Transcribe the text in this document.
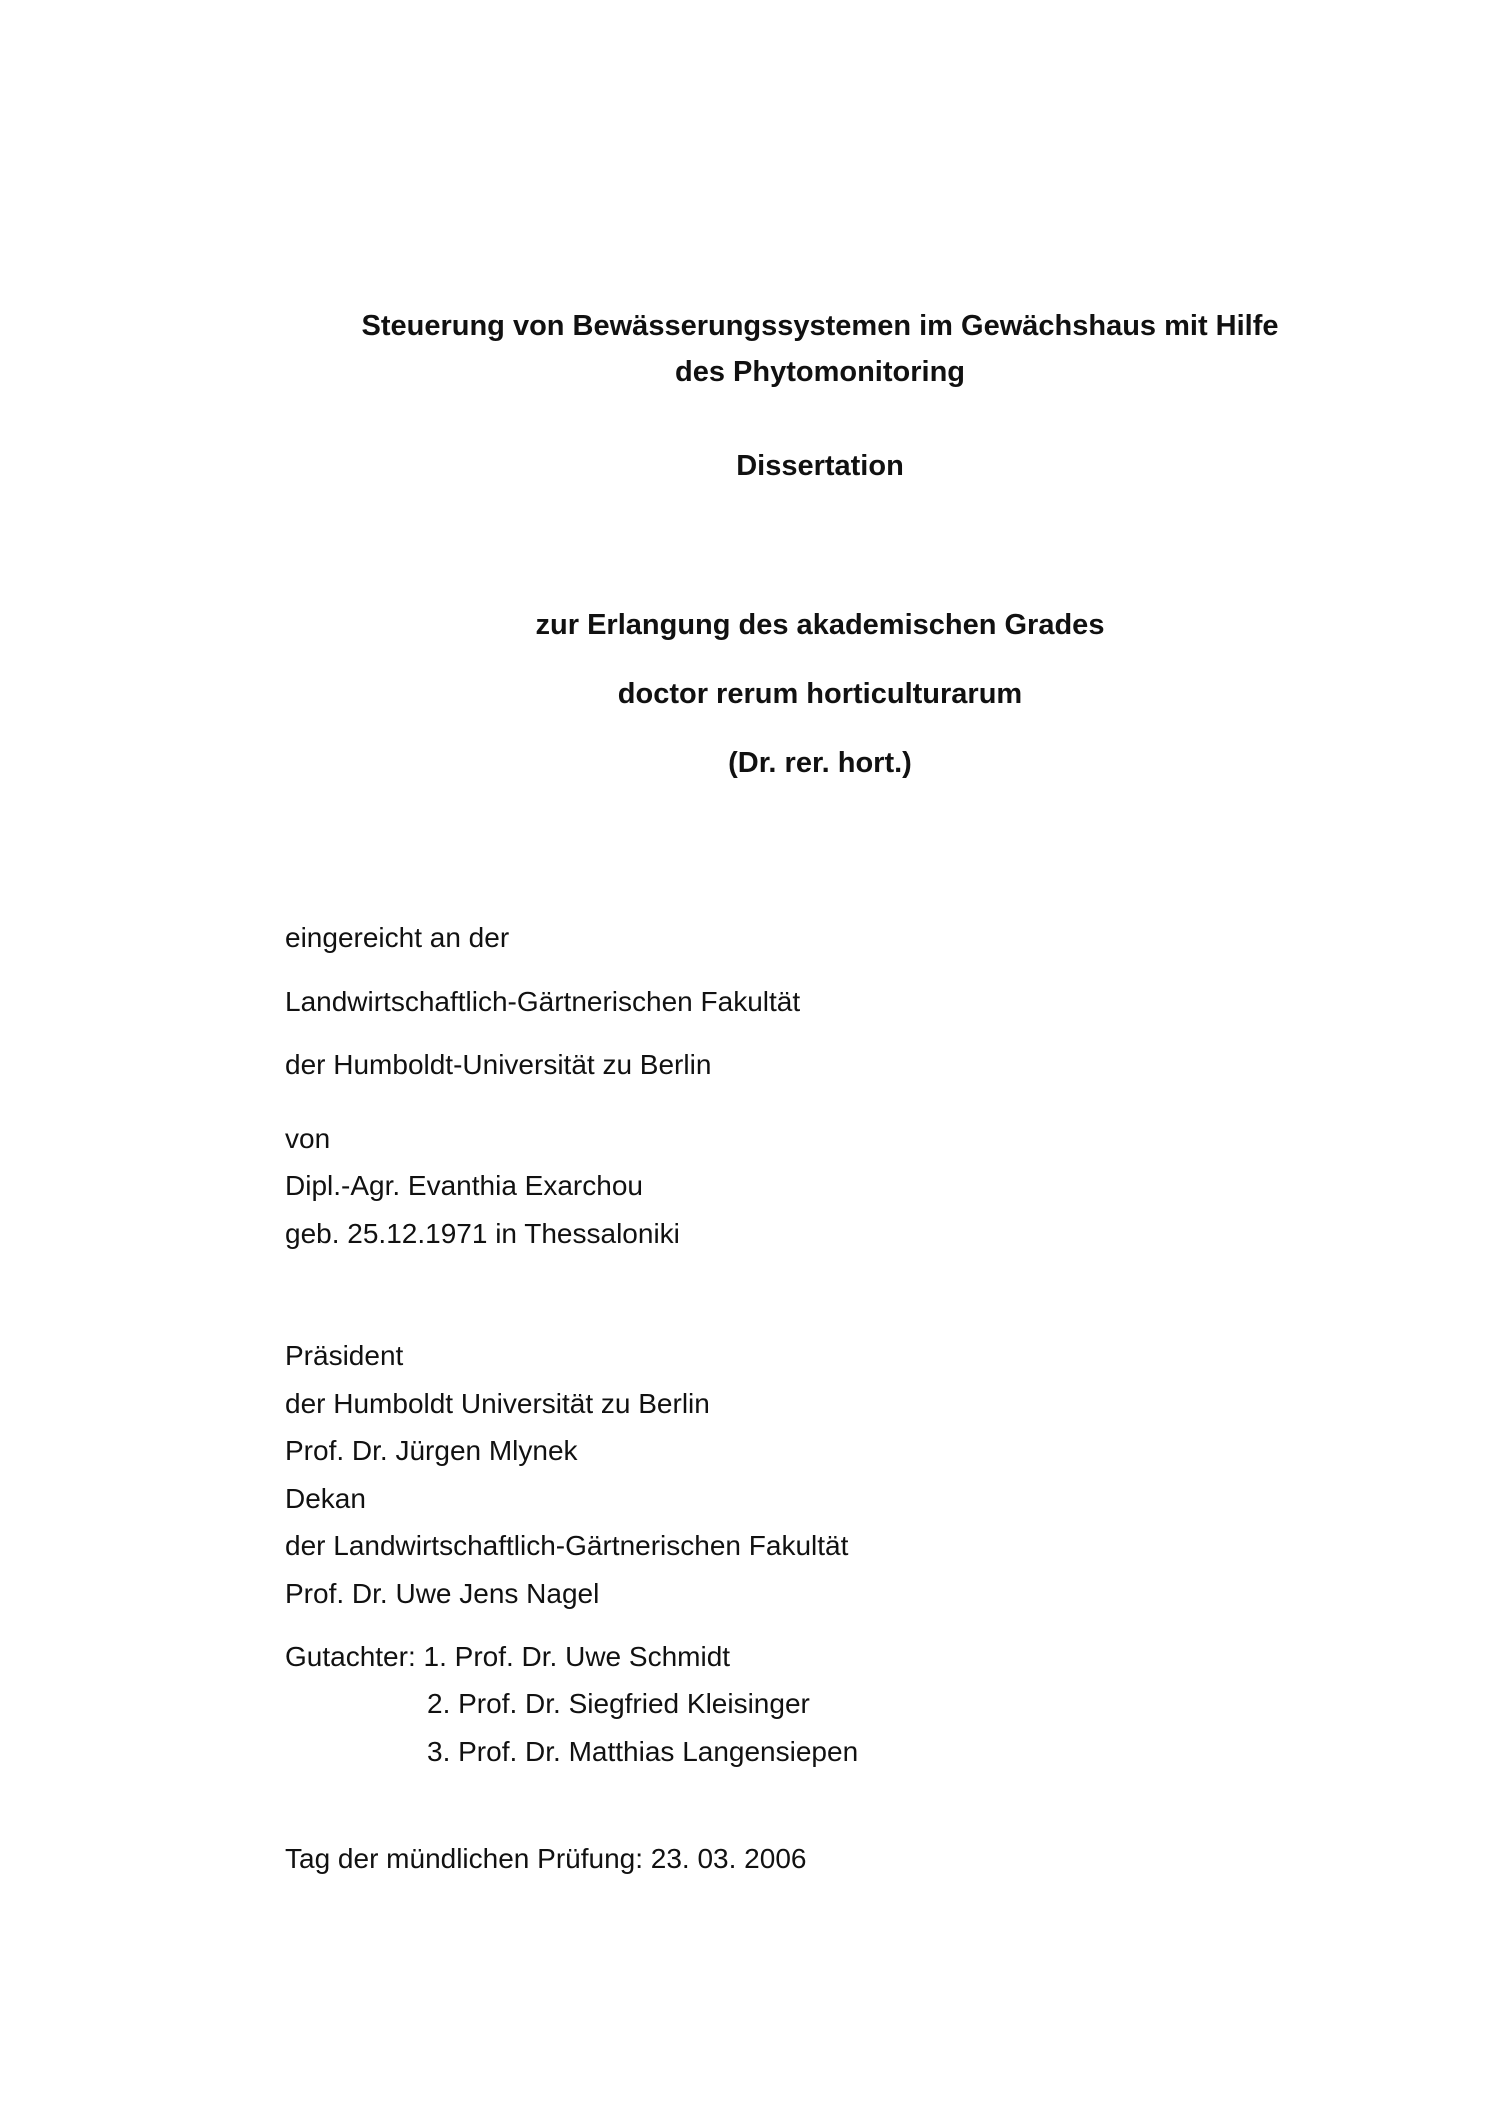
Steuerung von Bewässerungssystemen im Gewächshaus mit Hilfe
des Phytomonitoring
Dissertation
zur Erlangung des akademischen Grades
doctor rerum horticulturarum
(Dr. rer. hort.)
eingereicht an der
Landwirtschaftlich-Gärtnerischen Fakultät
der Humboldt-Universität zu Berlin
von
Dipl.-Agr. Evanthia Exarchou
geb. 25.12.1971 in Thessaloniki
Präsident
der Humboldt Universität zu Berlin
Prof. Dr. Jürgen Mlynek
Dekan
der Landwirtschaftlich-Gärtnerischen Fakultät
Prof. Dr. Uwe Jens Nagel
Gutachter: 1. Prof. Dr. Uwe Schmidt
2. Prof. Dr. Siegfried Kleisinger
3. Prof. Dr. Matthias Langensiepen
Tag der mündlichen Prüfung: 23. 03. 2006
